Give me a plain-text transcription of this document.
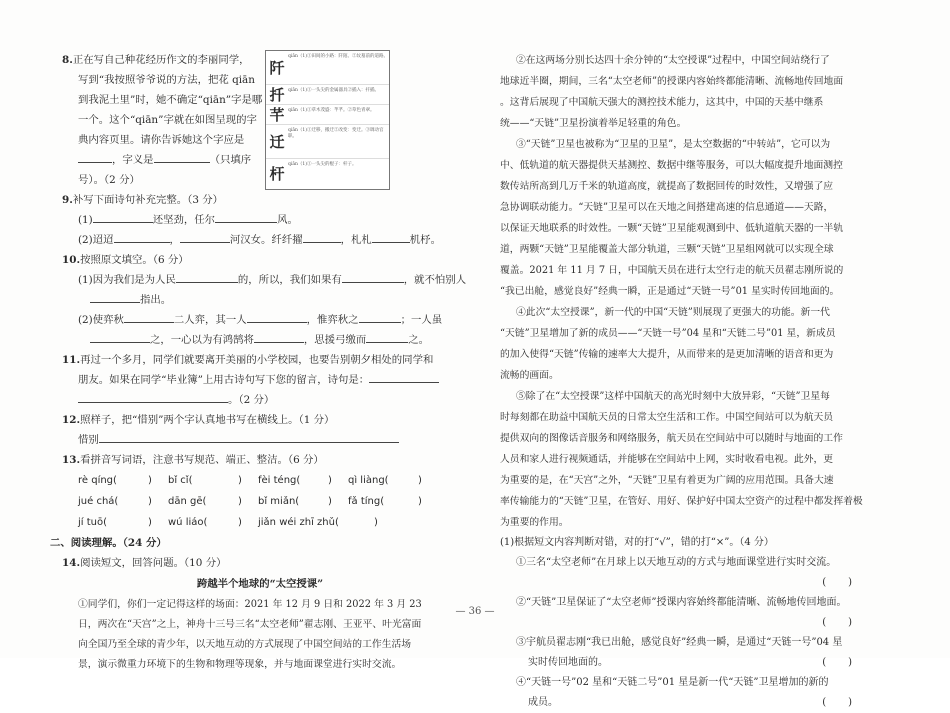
8.正在写自己种花经历作文的李丽同学，
写到“我按照爷爷说的方法，把花 qiān
到我泥土里”时，她不确定“qiān”字是哪
一个。这个“qiān”字就在如图呈现的字
典内容页里。请你告诉她这个字应是
，字义是	（只填序
号）。（2 分）
9.补写下面诗句补充完整。（3 分）
(1)	还坚劲，任尔	风。
(2)迢迢	，	河汉女。纤纤擢	，札札	机杼。
10.按照原文填空。（6 分）
(1)因为我们是为人民	的，所以，我们如果有	，就不怕别人
指出。
(2)使弈秋	二人弈，其一人	，惟弈秋之	；一人虽
之，一心以为有鸿鹄将	，思援弓缴而	之。
11.再过一个多月，同学们就要离开美丽的小学校园，也要告别朝夕相处的同学和
朋友。如果在同学“毕业簿”上用古诗句写下您的留言，诗句是：
。（2 分）
12.照样子，把“惜别”两个字认真地书写在横线上。（1 分）
惜别
13.看拼音写词语，注意书写规范、端正、整洁。（6 分）
rè qíng(	)	bǐ cǐ(	)	fèi téng(	)	qì liàng(	)
jué chá(	)	dān gē(	)	bǐ miǎn(	)	fǎ tíng(	)
jí tuō(	)	wú liáo(	)	jiǎn wéi zhī zhǔ(	)
二、阅读理解。（24 分）
14.阅读短文，回答问题。（10 分）
跨越半个地球的“太空授课”
①同学们，你们一定记得这样的场面：2021 年 12 月 9 日和 2022 年 3 月 23
日，两次在“天宫”之上，神舟十三号三名“太空老师”翟志刚、王亚平、叶光富面
向全国乃至全球的青少年，以天地互动的方式展现了中国空间站的工作生活场
景，演示微重力环境下的生物和物理等现象，并与地面课堂进行实时交流。
阡
qiān（1)①田间的小路：阡陌。②坟墓前的道路。
扦 qiān（1)①一头尖的金属器具②插入：扦插。
芊 qiān（1)①草木茂盛：芊芊。②草色青翠。
迁
qiān（1)①迁移，搬迁②改变：变迁。③调动官职。
杆
qiān（1)①一头尖的棍子：杆子。
②在这两场分别长达四十余分钟的“太空授课”过程中，中国空间站绕行了
地球近半圈，期间，三名“太空老师”的授课内容始终都能清晰、流畅地传回地面
。这背后展现了中国航天强大的测控技术能力，这其中，中国的天基中继系
统——“天链”卫星扮演着举足轻重的角色。
③“天链”卫星也被称为“卫星的卫星”，是太空数据的“中转站”，它可以为
中、低轨道的航天器提供天基测控、数据中继等服务，可以大幅度提升地面测控
数传站所高到几万千米的轨道高度，就提高了数据回传的时效性，又增强了应
急协调联动能力。“天链”卫星可以在天地之间搭建高速的信息通道——天路，
以保证天地联系的时效性。一颗“天链”卫星能观测到中、低轨道航天器的一半轨
道，两颗“天链”卫星能覆盖大部分轨道，三颗“天链”卫星组网就可以实现全球
覆盖。2021 年 11 月 7 日，中国航天员在进行太空行走的航天员翟志刚所说的
“我已出舱，感觉良好”经典一瞬，正是通过“天链一号”01 星实时传回地面的。
④此次“太空授课”，新一代的中国“天链”则展现了更强大的功能。新一代
“天链”卫星增加了新的成员——“天链一号”04 星和“天链二号”01 星，新成员
的加入使得“天链”传输的速率大大提升，从而带来的是更加清晰的语音和更为
流畅的画面。
⑤除了在“太空授课”这样中国航天的高光时刻中大放异彩，“天链”卫星每
时每刻都在助益中国航天员的日常太空生活和工作。中国空间站可以为航天员
提供双向的图像话音服务和网络服务，航天员在空间站中可以随时与地面的工作
人员和家人进行视频通话，并能够在空间站中上网，实时收看电视。此外，更
为重要的是，在“天宫”之外，“天链”卫星有着更为广阔的应用范围。具备大速
率传输能力的“天链”卫星，在管好、用好、保护好中国太空资产的过程中都发挥着极
为重要的作用。
(1)根据短文内容判断对错，对的打“√”，错的打“×”。（4 分）
①三名“太空老师”在月球上以天地互动的方式与地面课堂进行实时交流。
( )
②“天链”卫星保证了“太空老师”授课内容始终都能清晰、流畅地传回地面。
( )
③宇航员翟志刚“我已出舱，感觉良好”经典一瞬，是通过“天链一号”04 星
实时传回地面的。	( )
④“天链一号”02 星和“天链二号”01 星是新一代“天链”卫星增加的新的
成员。	( )
— 36 —
